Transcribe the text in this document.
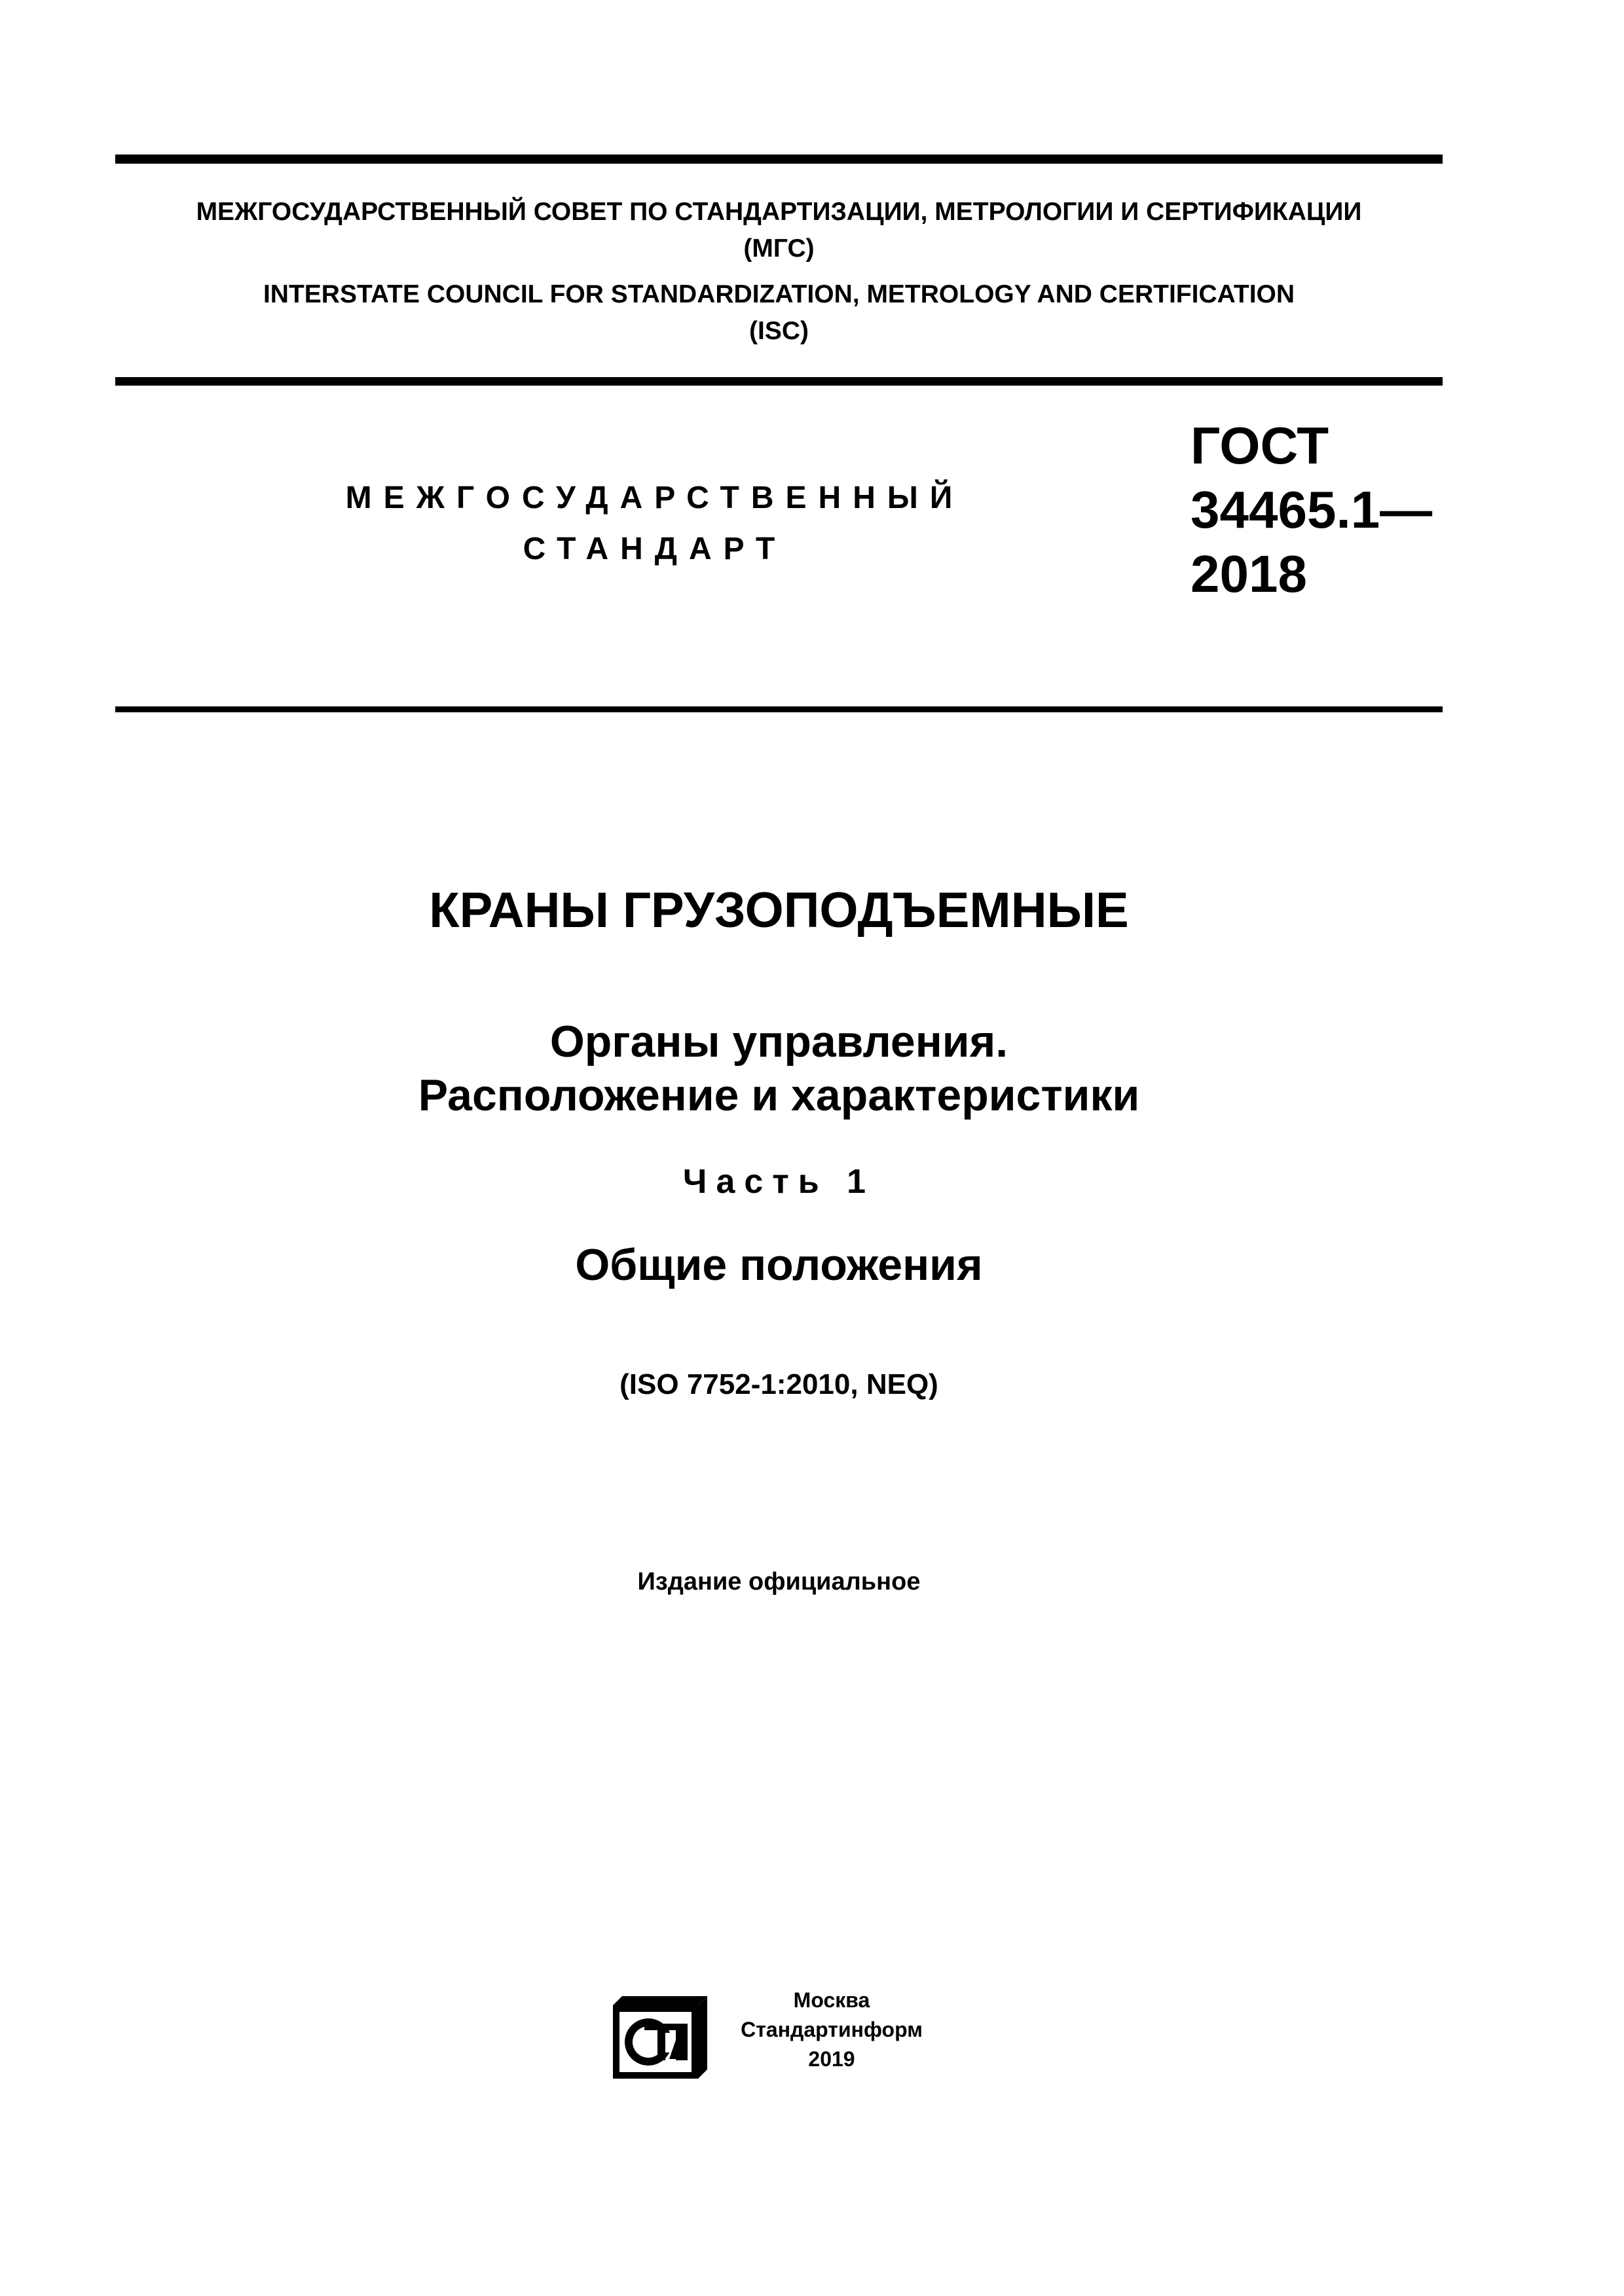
МЕЖГОСУДАРСТВЕННЫЙ СОВЕТ ПО СТАНДАРТИЗАЦИИ, МЕТРОЛОГИИ И СЕРТИФИКАЦИИ
(МГС)
INTERSTATE COUNCIL FOR STANDARDIZATION, METROLOGY AND CERTIFICATION
(ISC)
МЕЖГОСУДАРСТВЕННЫЙ
СТАНДАРТ
ГОСТ
34465.1—
2018
КРАНЫ ГРУЗОПОДЪЕМНЫЕ
Органы управления.
Расположение и характеристики
Часть 1
Общие положения
(ISO 7752-1:2010, NEQ)
Издание официальное
Москва
Стандартинформ
2019
